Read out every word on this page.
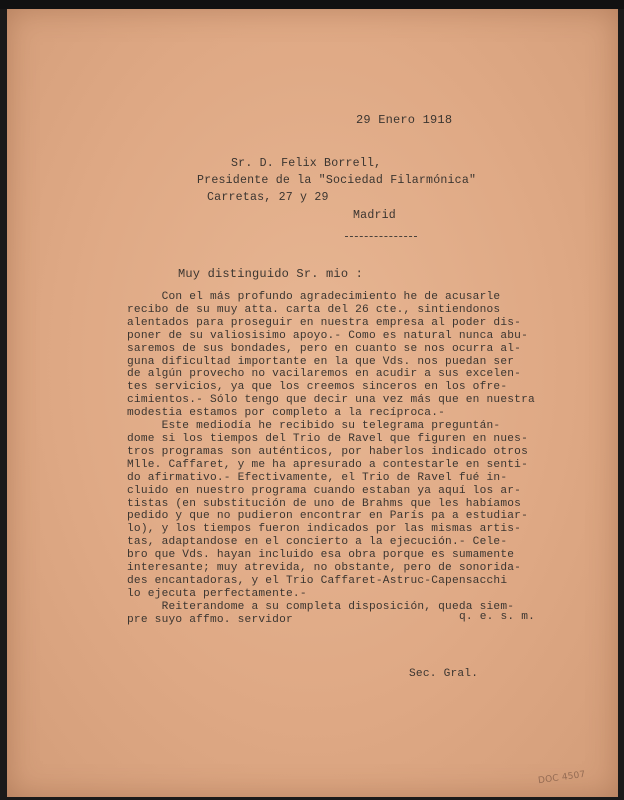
29 Enero 1918
Sr. D. Felix Borrell,
Presidente de la "Sociedad Filarmónica"
Carretas, 27 y 29
Madrid
Muy distinguido Sr. mio :
Con el más profundo agradecimiento he de acusarle
recibo de su muy atta. carta del 26 cte., sintiendonos
alentados para proseguir en nuestra empresa al poder dis-
poner de su valiosisimo apoyo.- Como es natural nunca abu-
saremos de sus bondades, pero en cuanto se nos ocurra al-
guna dificultad importante en la que Vds. nos puedan ser
de algún provecho no vacilaremos en acudir a sus excelen-
tes servicios, ya que los creemos sinceros en los ofre-
cimientos.- Sólo tengo que decir una vez más que en nuestra
modestia estamos por completo a la recíproca.-
Este mediodía he recibido su telegrama preguntán-
dome si los tiempos del Trio de Ravel que figuren en nues-
tros programas son auténticos, por haberlos indicado otros
Mlle. Caffaret, y me ha apresurado a contestarle en senti-
do afirmativo.- Efectivamente, el Trio de Ravel fué in-
cluido en nuestro programa cuando estaban ya aquí los ar-
tistas (en substitución de uno de Brahms que les habíamos
pedido y que no pudieron encontrar en París pa a estudiar-
lo), y los tiempos fueron indicados por las mismas artis-
tas, adaptandose en el concierto a la ejecución.- Cele-
bro que Vds. hayan incluido esa obra porque es sumamente
interesante; muy atrevida, no obstante, pero de sonorida-
des encantadoras, y el Trio Caffaret-Astruc-Capensacchi
lo ejecuta perfectamente.-
Reiterandome a su completa disposición, queda siem-
pre suyo affmo. servidor	q. e. s. m.
Sec. Gral.
DOC 4507
